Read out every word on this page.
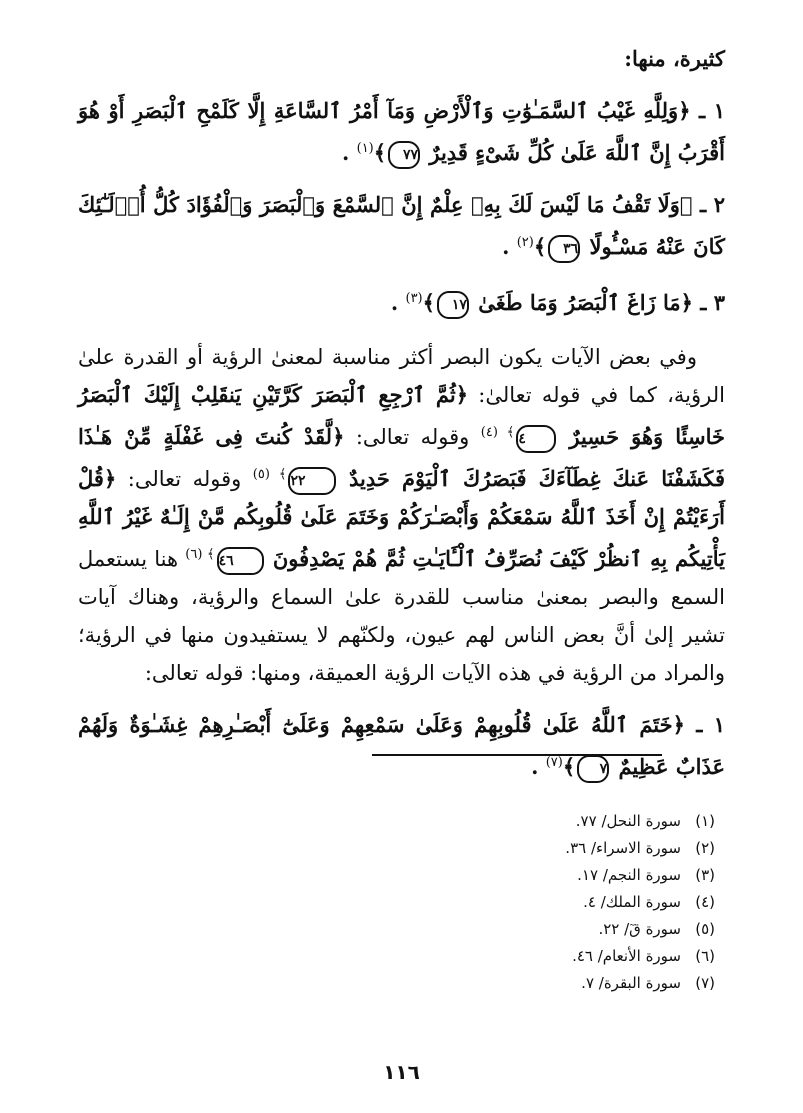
كثيرة، منها:

١ ـ ﴿وَلِلَّهِ غَيْبُ ٱلسَّمَـٰوَٰتِ وَٱلْأَرْضِ وَمَآ أَمْرُ ٱلسَّاعَةِ إِلَّا كَلَمْحِ ٱلْبَصَرِ أَوْ هُوَ أَقْرَبُ إِنَّ ٱللَّهَ عَلَىٰ كُلِّ شَىْءٍ قَدِيرٌ ٧٧﴾$^{(١)}$ .

٢ ـ ﴿وَلَا تَقْفُ مَا لَيْسَ لَكَ بِهِۦ عِلْمٌ إِنَّ ٱلسَّمْعَ وَٱلْبَصَرَ وَٱلْفُؤَادَ كُلُّ أُو۟لَـٰٓئِكَ كَانَ عَنْهُ مَسْـُٔولًا ٣٦﴾$^{(٢)}$ .

٣ ـ ﴿مَا زَاغَ ٱلْبَصَرُ وَمَا طَغَىٰ ١٧﴾$^{(٣)}$ .

وفي بعض الآيات يكون البصر أكثر مناسبة لمعنىٰ الرؤية أو القدرة علىٰ الرؤية، كما في قوله تعالىٰ: ﴿ثُمَّ ٱرْجِعِ ٱلْبَصَرَ كَرَّتَيْنِ يَنقَلِبْ إِلَيْكَ ٱلْبَصَرُ خَاسِئًا وَهُوَ حَسِيرٌ $٤^{﴾ (٤)}$ وقوله تعالى: ﴿لَّقَدْ كُنتَ فِى غَفْلَةٍ مِّنْ هَـٰذَا فَكَشَفْنَا عَنكَ غِطَآءَكَ فَبَصَرُكَ ٱلْيَوْمَ حَدِيدٌ $٢٢^{﴾ (٥)}$ وقوله تعالى: ﴿قُلْ أَرَءَيْتُمْ إِنْ أَخَذَ ٱللَّهُ سَمْعَكُمْ وَأَبْصَـٰرَكُمْ وَخَتَمَ عَلَىٰ قُلُوبِكُم مَّنْ إِلَـٰهٌ غَيْرُ ٱللَّهِ يَأْتِيكُم بِهِ ٱنظُرْ كَيْفَ نُصَرِّفُ ٱلْـَٔايَـٰتِ ثُمَّ هُمْ يَصْدِفُونَ $٤٦^{﴾ (٦)}$ هنا يستعمل السمع والبصر بمعنىٰ مناسب للقدرة علىٰ السماع والرؤية، وهناك آيات تشير إلىٰ أنَّ بعض الناس لهم عيون، ولكنّهم لا يستفيدون منها في الرؤية؛ والمراد من الرؤية في هذه الآيات الرؤية العميقة، ومنها: قوله تعالى:

١ ـ ﴿خَتَمَ ٱللَّهُ عَلَىٰ قُلُوبِهِمْ وَعَلَىٰ سَمْعِهِمْ وَعَلَىٰٓ أَبْصَـٰرِهِمْ غِشَـٰوَةٌ وَلَهُمْ عَذَابٌ عَظِيمٌ ٧﴾$^{(٧)}$ .

(١)
سورة النحل/ ٧٧.
(٢)
سورة الاسراء/ ٣٦.
(٣)
سورة النجم/ ١٧.
(٤)
سورة الملك/ ٤.
(٥)
سورة قٓ/ ٢٢.
(٦)
سورة الأنعام/ ٤٦.
(٧)
سورة البقرة/ ٧.
١١٦
